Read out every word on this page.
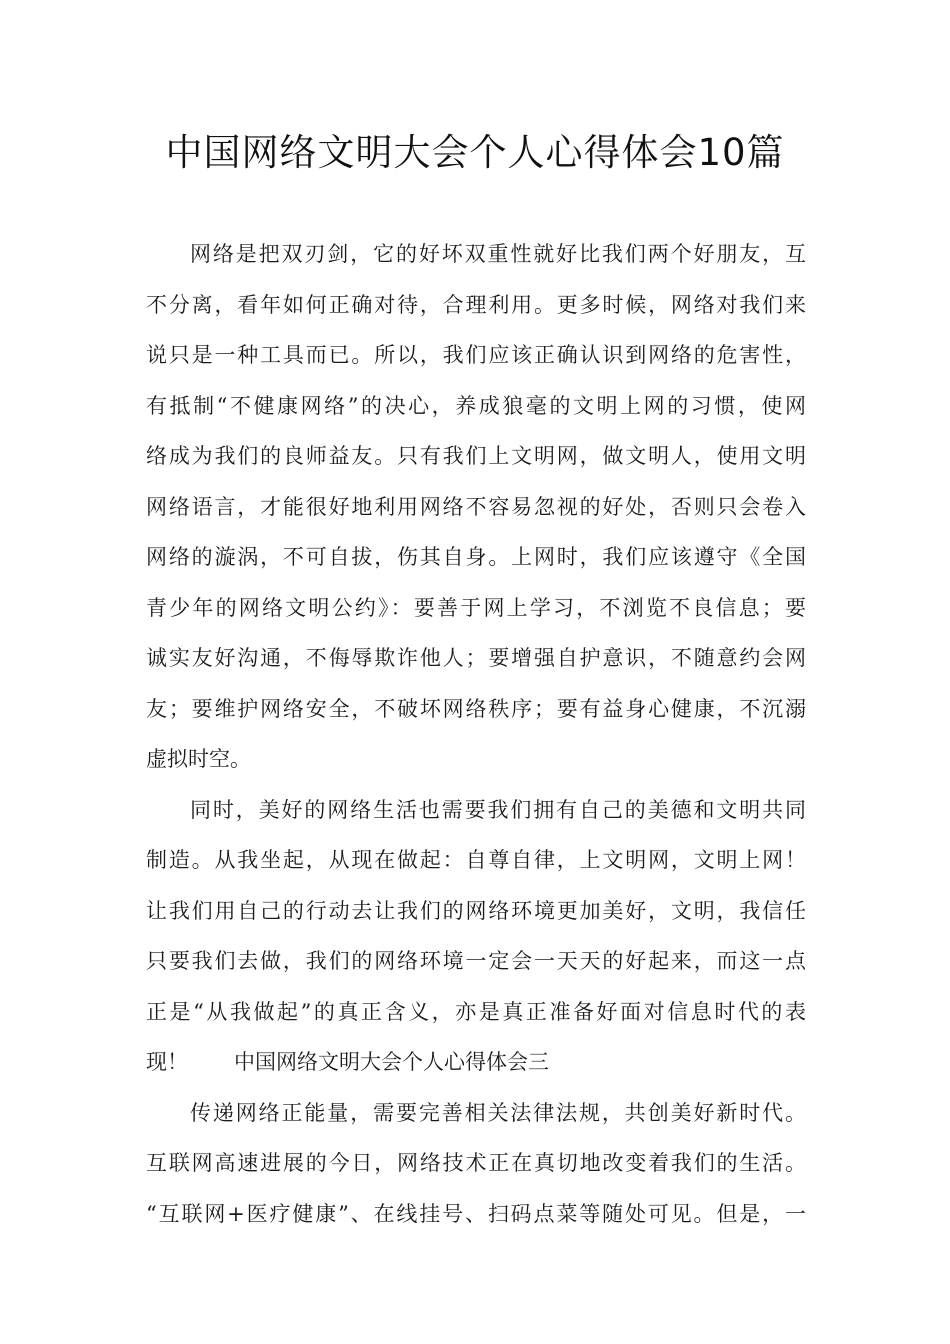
中国网络文明大会个人心得体会10篇
网络是把双刃剑，它的好坏双重性就好比我们两个好朋友，互
不分离，看年如何正确对待，合理利用。更多时候，网络对我们来
说只是一种工具而已。所以，我们应该正确认识到网络的危害性，
有抵制“不健康网络”的决心，养成狼毫的文明上网的习惯，使网
络成为我们的良师益友。只有我们上文明网，做文明人，使用文明
网络语言，才能很好地利用网络不容易忽视的好处，否则只会卷入
网络的漩涡，不可自拔，伤其自身。上网时，我们应该遵守《全国
青少年的网络文明公约》：要善于网上学习，不浏览不良信息；要
诚实友好沟通，不侮辱欺诈他人；要增强自护意识，不随意约会网
友；要维护网络安全，不破坏网络秩序；要有益身心健康，不沉溺
虚拟时空。
同时，美好的网络生活也需要我们拥有自己的美德和文明共同
制造。从我坐起，从现在做起：自尊自律，上文明网，文明上网！
让我们用自己的行动去让我们的网络环境更加美好，文明，我信任
只要我们去做，我们的网络环境一定会一天天的好起来，而这一点
正是“从我做起”的真正含义，亦是真正准备好面对信息时代的表
现！ 中国网络文明大会个人心得体会三
传递网络正能量，需要完善相关法律法规，共创美好新时代。
互联网高速进展的今日，网络技术正在真切地改变着我们的生活。
“互联网+医疗健康”、在线挂号、扫码点菜等随处可见。但是，一
